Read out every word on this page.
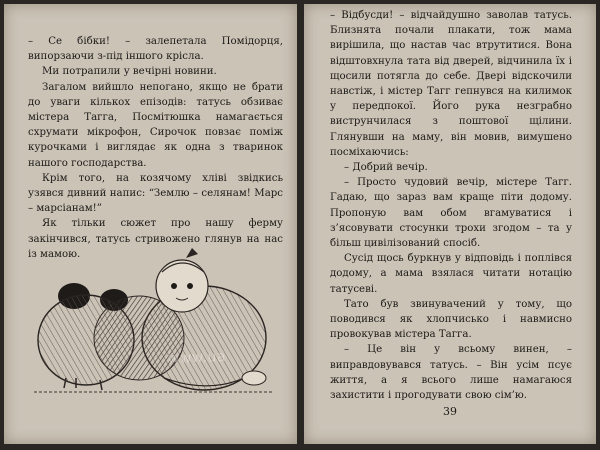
– Се бібки! – залепетала Помідорця, випорзаючи з-під іншого крісла.

Ми потрапили у вечірні новини.

Загалом вийшло непогано, якщо не брати до уваги кількох епізодів: татусь обзиває містера Тагга, Посмітюшка намагається схрумати мікрофон, Сирочок повзає поміж курочками і виглядає як одна з тваринок нашого господарства.

Крім того, на козячому хліві звідкись узявся дивний напис: “Землю – селянам! Марс – марсіанам!”

Як тільки сюжет про нашу ферму закінчився, татусь стривожено глянув на нас із мамою.

– Відбусди! – відчайдушно заволав татусь. Близнята почали плакати, тож мама вирішила, що настав час втрутитися. Вона відштовхнула тата від дверей, відчинила їх і щосили потягла до себе. Двері відскочили навстіж, і містер Тагг гепнувся на килимок у передпокої. Його рука незграбно виструнчилася з поштової щілини. Глянувши на маму, він мовив, вимушено посміхаючись:

– Добрий вечір.

– Просто чудовий вечір, містере Тагг. Гадаю, що зараз вам краще піти додому. Пропоную вам обом вгамуватися і з’ясовувати стосунки трохи згодом – та у більш цивілізований спосіб.

Сусід щось буркнув у відповідь і поплівся додому, а мама взялася читати нотацію татусеві.

Тато був звинувачений у тому, що поводився як хлопчисько і навмисно провокував містера Тагга.

– Це він у всьому винен, – виправдовувався татусь. – Він усім псує життя, а я всього лише намагаюся захистити і прогодувати свою сім’ю.

39
www.ua
